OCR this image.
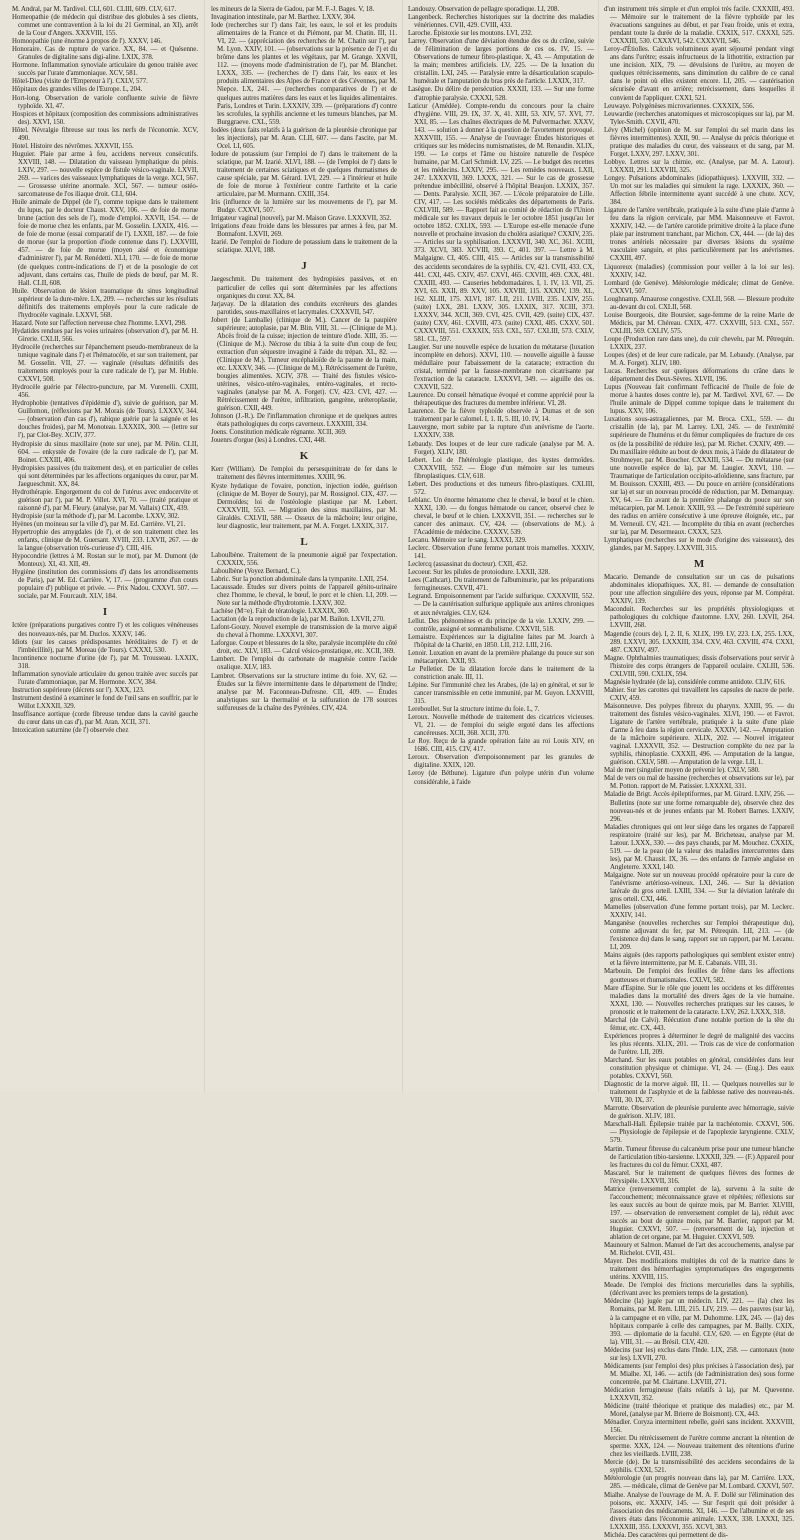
M. Andral, par M. Tardivel. CLI, 601. CLIII, 609. CLV, 617.

Homeopathie (de médecin qui distribue des globules à ses clients, commet une contravention à la loi du 21 Germinal, an XI), arrêt de la Cour d'Angers. XXXVIII, 155.

Homoopathie (une énorme à propos de l'). XXXV, 146.

Honoraire. Cas de rupture de varice. XX, 84. — et Quésenne. Granules de digitaline sans digi-aline. LXIX, 378.

Hormone. Inflammation synoviale articulaire du genou traitée avec succès par l'urate d'ammoniaque. XCV, 581.

Hôtel-Dieu (visite de l'Empereur à l'). CXLV, 577.

Hôpitaux des grandes villes de l'Europe. L, 204.

Hort-long. Observation de variole confluente suivie de fièvre typhoïde. XI, 47.

Hospices et hôpitaux (composition des commissions administratives des). XXVI, 150.

Hôtel. Névralgie fibreuse sur tous les nerfs de l'économie. XCV, 490.

Hotel. Histoire des névrômes. XXXVII, 155.

Huguier. Plaie par arme à feu, accidens nerveux consécutifs. XXVIII, 148. — Dilatation du vaisseau lymphatique du pénis. LXIV, 297. — nouvelle espèce de fistule vésico-vaginale. LXVII, 269. — varices des vaisseaux lymphatiques de la verge. XCI, 567. — Grossesse utérine anormale. XCI, 567. — tumeur ostéo-sarcomateuse de l'os iliaque droit. CLI, 604.

Huile animale de Dippel (de l'), comme topique dans le traitement du lupus, par le docteur Chaust. XXV, 106. — de foie de morue brune (action des sels de l'), mode d'emploi. XXVII, 154. — de foie de morue chez les enfants, par M. Gosselin. LXXIX, 416. — de foie de morue (essai comparatif de l'). LXXII, 187. — de foie de morue (sur la proportion d'iode contenue dans l'). LXXVIII, 457. — de foie de morue (moyen aisé et économique d'administrer l'), par M. Renédetti. XLI, 170. — de foie de morue (de quelques contre-indications de l') et de la posologie de cet adjuvant, dans certains cas, l'huile de pieds de bœuf, par M. R. Hall. CLII, 608.

Huile. Observation de lésion traumatique du sinus longitudinal supérieur de la dure-mère. LX, 209. — recherches sur les résultats définitifs des traitements employés pour la cure radicale de l'hydrocèle vaginale. LXXVI, 568.

Hazard. Note sur l'affection nerveuse chez l'homme. LXVI, 298.

Hydatides rendues par les voies urinaires (observation d'), par M. H. Girerie. CXLII, 566.

Hydrocèle (recherches sur l'épanchement pseudo-membraneux de la tunique vaginale dans l') et l'hématocèle, et sur son traitement, par M. Gosselin. VII, 27. — vaginale (résultats définitifs des traitements employés pour la cure radicale de l'), par M. Huble. CXXVI, 508.

Hydrocèle guérie par l'électro-puncture, par M. Vurenelli. CXIII, 456.

Hydrophobie (tentatives d'épidémie d'), suivie de guérison, par M. Guillomon, (réflexions par M. Morais (de Tours). LXXXV, 344. — (observation d'un cas d'), rabique guérie par la saignée et les douches froides), par M. Monoteau. LXXXIX, 300. — (lettre sur l'), par Clot-Bey. XCIV, 377.

Hydropisie du sinus maxillaire (note sur une), par M. Pélin. CLII, 604. — enkystée de l'ovaire (de la cure radicale de l'), par M. Boinet. CXXIII, 406.

Hydropisies passives (du traitement des), et en particulier de celles qui sont déterminées par les affections organiques du cœur, par M. Jaegueschmit. XX, 84.

Hydrothérapie. Engorgement du col de l'utérus avec endocervite et guérison par l'), par M. P. Villet. XVI, 70. — (traité pratique et raisonné d'), par M. Fleury. (analyse, par M. Vallaix) CIX, 439.

Hydropisie (sur la méthode d'), par M. Lacombe. LXXV, 302.

Hyènes (un moineau sur la ville d'), par M. Ed. Carrière. VI, 21.

Hypertrophie des amygdales (de l'), et de son traitement chez les enfants, clinique de M. Guersant. XVIII, 233. LXVII, 267. — de la langue (observation très-curieuse d'). CIII, 416.

Hypocondrie (lettres à M. Rostan sur le mot), par M. Dumont (de Monteux). XI, 43. XII, 49.

Hygiène (institution des commissions d') dans les arrondissements de Paris), par M. Ed. Carrière. V, 17. — (programme d'un cours populaire d') publique et privée. — Prix Nadou. CXXVI. 507. — sociale, par M. Fourcault. XLV, 184.

I

Ictère (préparations purgatives contre l') et les coliques vénéneuses des nouveaux-nés, par M. Duclos. XXXV, 146.

Idiots (sur les causes prédisposantes héréditaires de l') et de l'imbécillité), par M. Moreau (de Tours). CXXXI, 530.

Incontinence nocturne d'urine (de l'), par M. Trousseau. LXXIX, 318.

Inflammation synoviale articulaire du genou traitée avec succès par l'urate d'ammoniaque, par M. Hormone. XCV, 384.

Instruction supérieure (décrets sur l'). XXX, 123.

Instrument destiné à examiner le fond de l'œil sans en souffrir, par le Willot LXXXII, 329.

Insuffisance aortique (corde fibreuse tendue dans la cavité gauche du cœur dans un cas d'), par M. Aran. XCII, 371.

Intoxication saturnine (de l') observée chez

les mineurs de la Sierra de Gadou, par M. F.-J. Bages. V, 18.

Invagination intestinale, par M. Barthez. LXXV, 304.

Iode (recherches sur l') dans l'air, les eaux, le sol et les produits alimentaires de la France et du Piémont, par M. Chatin. III, 11. VI, 22. — (appréciation des recherches de M. Chatin sur l'), par M. Lyon. XXIV, 101. — (observations sur la présence de l') et du brôme dans les plantes et les végétaux, par M. Grange. XXVII, 112. — (moyens mode d'administration de l'), par M. Blanchet. LXXX, 335. — (recherches de l') dans l'air, les eaux et les produits alimentaires des Alpes de France et des Cévennes, par M. Niepce. LX, 241. — (recherches comparatives de l') et de quelques autres matières dans les eaux et les liquides alimentaires. Paris, Londres et Turin. LXXXIV, 339. — (préparations d') contre les scrofules, la syphilis ancienne et les tumeurs blanches, par M. Burggraeve. CXL, 559.

Iodées (deux faits relatifs à la guérison de la pleurésie chronique par les injections), par M. Aran. CLII, 607. — dans l'ascite, par M. Ocel. LI, 605.

Iodure de potassium (sur l'emploi de l') dans le traitement de la sciatique, par M. Izarié. XLVI, 188. — (de l'emploi de l') dans le traitement de certaines sciatiques et de quelques rhumatismes de cause spéciale, par M. Gérard. LVI, 229. — à l'intérieur et huile de foie de morue à l'extérieur contre l'arthrite et la carie articulaire, par M. Murmann. CXIII, 354.

Iris (influence de la lumière sur les mouvements de l'), par M. Budge. CXXVI, 507.

Irrigateur vaginal (nouvel), par M. Maison Grave. LXXXVII, 352.

Irrigations d'eau froide dans les blessures par armes à feu, par M. Bonnafont. LXVII, 269.

Izarié. De l'emploi de l'iodure de potassium dans le traitement de la sciatique. XLVI, 188.

J

Jaegeschmit. Du traitement des hydropisies passives, et en particulier de celles qui sont déterminées par les affections organiques du cœur. XX, 84.

Jarjavay. De la dilatation des conduits excréteurs des glandes parotides, sous-maxillaires et lacrymales. CXXXVII, 547.

Jobert (de Lamballe) (clinique de M.). Cancer de la paupière supérieure; autoplasie, par M. Blin. VIII, 31. — (Clinique de M.). Abcès froid de la cuisse; injection de teinture d'iode. XIII, 35. — (Clinique de M.). Nécrose du tibia à la suite d'un coup de feu; extraction d'un séquestre invaginé à l'aide du trépan. XL, 82. — (Clinique de M.). Tumeur encéphaloïde de la paume de la main, etc. LXXXV, 346. — (Clinique de M.). Rétrécissement de l'urètre, bougies alimentées. XCIV, 378. — Traité des fistules vésico-utérines, vésico-utéro-vaginales, entéro-vaginales, et recto-vaginales (analyse par M. A. Forget). CV, 423. CVI, 427. — Rétrécissement de l'urètre, infiltration, gangrène, uréteroplastie, guérison. CXII, 449.

Johnson (J.-R.). De l'inflammation chronique et de quelques autres états pathologiques du corps caverneux. LXXXIII, 334.

Joens. Constitution médicale régnante. XCII, 369.

Jouenrs d'orgue (les) à Londres. CXI, 448.

K

Kerr (William). De l'emploi du persesquinitrate de fer dans le traitement des fièvres intermittentes. XXIII, 96.

Kyste hydatique de l'ovaire, ponction, injection iodée, guérison (clinique de M. Boyer de Soury), par M. Rossignol. CIX, 437. — Dermoïdes; loi de l'ostéologie plastique par M. Lebert. CXXXVIII, 553. — Migration des sinus maxillaires, par M. Giraldès. CXLVII, 588. — Osseux de la mâchoire; leur origine, leur diagnostic, leur traitement, par M. A. Forget. LXXIX, 317.

L

Laboulbène. Traitement de la pneumonie aiguë par l'expectation. CXXXIX, 556.

Laboulbène (Voyez Bernard, C.).

Labric. Sur la ponction abdominale dans la tympanite. LXII, 254.

Lacaussade. Études sur divers points de l'appareil génito-urinaire chez l'homme, le cheval, le bœuf, le porc et le chien. LI, 209. — Note sur la méthode d'hydrotomie. LXXV, 302.

Lachèse (M=e). Fait de tératologie. LXXXIX, 360.

Lactation (de la reproduction de la), par M. Bailon. LXVII, 270.

Lafont-Gouzy. Nouvel exemple de transmission de la morve aiguë du cheval à l'homme. LXXXVI, 307.

Laforgue. Coupe et blessures de la tête, paralysie incomplète du côté droit, etc. XLV, 183. — Calcul vésico-prostatique, etc. XCII, 369.

Lambert. De l'emploi du carbonate de magnésie contre l'acide oxalique. XLV, 183.

Lambret. Observations sur la structure intime du foie. XV, 62. — Études sur la fièvre intermittente dans le département de l'Indre; analyse par M. Faconneau-Dufresne. CII, 409. — Études analytiques sur la thermalité et la sulfuration de 178 sources sulfureuses de la chaîne des Pyrénées. CIV, 424.

Landouzy. Observation de pellagre sporadique. LI, 208.

Langenbeck. Recherches historiques sur la doctrine des maladies vénériennes. CVII, 429. CVIII, 433.

Laroche. Épistoxie sur les moutons. LVI, 232.

Larrey. Observation d'une déviation étendue des os du crâne, suivie de l'élimination de larges portions de ces os. IV, 15. — Observations de tumeur fibro-plastique. X, 43. — Amputation de la main; membres artificiels. LV, 225. — De la luxation du cristallin. LXI, 245. — Paralysie entre la désarticulation scapulo-humérale et l'amputation du bras près de l'article. LXXIX, 317.

Lasègue. Du délire de persécution. XXXII, 133. — Sur une forme d'atrophie paralysie. CXXXI, 528.

Laticur (Amédée). Compte-rendu du concours pour la chaire d'hygiène. VIII, 29. IX, 37. X, 41. XIII, 53. XIV, 57. XVI, 77. XXI, 85. — Les chaînes électriques de M. Pulvermacher. XXXV, 143. — solution à donner à la question de l'avortement provoqué. XXXVIII, 155. — Analyse de l'ouvrage: Études historiques et critiques sur les médecins numismatistes, de M. Renaudin. XLIX, 199. — Le corps et l'âme ou histoire naturelle de l'espèce humaine, par M. Carl Schmidt. LV, 225. — Le budget des recettes et les médecins. LXXIV, 295. — Les remèdes nouveaux. LXII, 247. LXXXVII, 369. LXXX, 321. — Sur le cas de grossesse prétendue imbécillité, observé à l'hôpital Beaujon. LXXIX, 357. — Dents. Paralysie. XCII, 367. — L'école préparatoire de Lille. CIV, 417. — Les sociétés médicales des départements de Paris. CXLVIII, 589. — Rapport fait au comité de rédaction de l'Union médicale sur les travaux depuis le 1er octobre 1851 jusqu'au 1er octobre 1852. CXLIX, 593. — L'Europe est-elle menacée d'une nouvelle et prochaine invasion du choléra asiatique? CXXIV, 235. — Articles sur la syphilisation. LXXXVII, 340. XC, 361. XCIII, 373. XCVI, 383. XCVIII, 393. C, 401. 397. — Lettre à M. Malgaigne. CI, 405. CIII, 415. — Articles sur la transmissibilité des accidents secondaires de la syphilis. CV, 421. CVII, 433. CX, 441. CXI, 445. CXIV, 457. CXVI, 465. CXVIII, 469. CXX, 481. CXXIII, 493. — Causeries hebdomadaires. I, 1. IV, 13. VII, 25. XVI, 65. XXII, 89. XXV, 105. XXVIII, 115. XXXIV, 139. XL, 162. XLIII, 175. XLVI, 187. LII, 211. LVIII, 235. LXIV, 255. (suite) LXX, 281. LXXV, 305. LXXIX, 317. XCIII, 373. LXXXV, 344. XCII, 369. CVI, 425. CVII, 429. (suite) CIX, 437. (suite) CXV, 461. CXVIII, 473. (suite) CXXI, 485. CXXV, 501. CXXXVIII, 551. CXXXIX, 553. CXL, 557. CXLIII, 573. CXLV, 581. CL, 597.

Laugier. Sur une nouvelle espèce de luxation du métatarse (luxation incomplète en dehors). XXVI, 110. — nouvelle aiguille à fausse médullaire pour l'abaissement de la cataracte; extraction du cristal, terminé par la fausse-membrane non cicatrisante par l'extraction de la cataracte. LXXXVI, 349. — aiguille des os. CXXVII, 522.

Laurence. Du conseil hématique évoqué et comme apprécié pour la thérapeutique des fractures du membre inférieur. VI, 28.

Laurence. De la fièvre typhoïde observée à Dumas et de son traitement par le calomel. I, 1. II, 5. III, 10. IV, 14.

Lauvergne, mort subite par la rupture d'un anévrisme de l'aorte. LXXXIV, 338.

Lebaudy. Des loupes et de leur cure radicale (analyse par M. A. Forget). XLIV, 180.

Lebert. Loi de l'hétérologie plastique, des kystes dermoïdes. CXXXVIII, 552. — Éloge d'un mémoire sur les tumeurs fibroplastiques. CLV, 618.

Lebert. Des productions et des tumeurs fibro-plastiques. CXLIII, 572.

Leblanc. Un énorme hématome chez le cheval, le bœuf et le chien. XXXI, 130. — du fongus hématode ou cancer, observé chez le cheval, le bœuf et le chien. LXXXVII, 351. — recherches sur le cancer des animaux. CV, 424. — (observations de M.). à l'Académie de médecine. CXXXV, 539.

Lecanu. Mémoire sur le sang. LXXXI, 329.

Leclerc. Observation d'une femme portant trois mamelles. XXXIV, 141.

Leclercq (assassinat du docteur). CXII, 452.

Lecoeur. Sur les pilules de protoiodure. LXXII, 328.

Lees (Cathcart). Du traitement de l'albuminurie, par les préparations ferrugineuses. CXVII, 471.

Legrand. Empoisonnement par l'acide sulfurique. CXXXVIII, 552. — De la cautérisation sulfurique appliquée aux artères chroniques et aux névralgies. CLV, 624.

Lellut. Des phénomènes et du principe de la vie. LXXIV, 299. — contrôle, assigné et somnambulisme. CXXVII, 518.

Lemaistre. Expériences sur la digitaline faites par M. Joarch à l'hôpital de la Charité, en 1850. LII, 212. LIII, 216.

Lenoir. Luxation en avant de la première phalange du pouce sur son métacarpien. XXII, 93.

Le Pelletier. De la dilatation forcée dans le traitement de la constriction anale. III, 11.

Lépine. Sur l'immunité chez les Arabes, (de la) en général, et sur le cancer transmissible en cette immunité, par M. Guyon. LXXVIII, 315.

Lereboullet. Sur la structure intime du foie. L, 7.

Leroux. Nouvelle méthode de traitement des cicatrices vicieuses. VI, 21. — de l'emploi du seigle ergoté dans les affections cancéreuses. XCII, 368. XCII, 370.

Le Roy. Reçu de la grande opération faite au roi Louis XIV, en 1686. CIII, 415. CIV, 417.

Leroux. Observation d'empoisonnement par les granules de digitaline. XXIX, 120.

Leroy (de Béthune). Ligature d'un polype utérin d'un volume considérable, à l'aide

d'un instrument très simple et d'un emploi très facile. CXXXIII, 493. — Mémoire sur le traitement de la fièvre typhoïde par les évacuations sanguines au début, et par l'eau froide, unis et extra, pendant toute la durée de la maladie. CXXIX, 517. CXXXI, 525. CXXXIII, 530. CXXXVI, 542. CXXXVII, 546.

Leroy-d'Étiolles. Calculs volumineux ayant séjourné pendant vingt ans dans l'urètre; essais infructueux de la lithotritie, extraction par une incision. XIX, 79. — dévulsions de l'urètre, au moyen de quelques rétrécissements, sans diminution du calibre de ce canal dans le point où elles existent encore. LI, 205. — cautérisation sécurisée d'avant en arrière; retrécissement, dans lesquelles il convient de l'appliquer. CXXI, 521.

Leuwaye. Polygénèses microvariennes. CXXXIX, 556.

Leuwardie (recherches anatomiques et microscopiques sur la), par M. Tyler-Smith. CXVII, 470.

Lévy (Michel) (opinion de M. sur l'emploi du sel marin dans les fièvres intermittentes). XXII, 90. — Analyse du précis théorique et pratique des maladies du cœur, des vaisseaux et du sang, par M. Forget. LXXV, 297. LXXV, 301.

Lobbye. Lettres sur la chimie, etc. (Analyse, par M. A. Latour). LXXXII, 291. LXXVIII, 325.

Longey. Pulsations abdominales (idiopathiques). LXXVIII, 332. — Un mot sur les maladies qui simulent la rage. LXXXIX, 360. — Affection fébrile intermittente ayant succédé à une chute. XCV, 384.

Ligature de l'artère vertébrale, pratiquée à la suite d'une plaie d'arme à feu dans la région cervicale, par MM. Maisonneuve et Favrot. XXXIV, 142. — de l'artère carotide primitive droite à la place d'une plaie par instrument tranchant, par Michon. CX, 444. — (de la) des trones artériels nécessaire par diverses lésions du système vasculaire sanguin, et plus particulièrement par les anévrismes. CXXIII, 497.

Liquoreux (maladies) (commission pour veiller à la loi sur les). XXXIV, 142.

Lombard (de Genève). Météorologie médicale; climat de Genève. CXXVI, 507.

Loughnamp. Amaurose congestive. CXLII, 568. — Blessure produite au-devant du col. CXLII, 568.

Louise Bourgeois, dite Boursier, sage-femme de la reine Marie de Médicis, par M. Chéreau. CXIX, 477. CXXVIII, 513. CXL, 557. CXLIII, 569. CXLIV, 575.

Loupe (Production rare dans une), du cuir chevelu, par M. Pêtrequin. LXXIX, 237.

Loupes (des) et de leur cure radicale, par M. Lebaudy. (Analyse, par M. A. Forget). XLIV, 180.

Lucas. Recherches sur quelques déformations du crâne dans le département des Deux-Sèvres. XLVII, 196.

Lupus (Nouveau fait confirmant l'efficacité de l'huile de foie de morue à hautes doses contre le), par M. Tardivel. XVI, 67. — De l'huile animale de Dippel comme topique dans le traitement du lupus. XXV, 106.

Luxations sous-astragaliennes, par M. Broca. CXL, 559. — du cristallin (de la), par M. Larrey. LXI, 245. — de l'extrémité supérieure de l'humérus et du fémur compliquées de fracture de ces os (de la possibilité de réduire les), par M. Richet. CXXIV, 499. — Du maxillaire réduite au bout de deux mois, à l'aide du dilatateur de Strohmeyer, par M. Boucher. CXXXIII, 534. — Du métatarse (sur une nouvelle espèce de la), par M. Laugier. XXVI, 110. — Traumatique de l'articulation occipito-atloïdienne, sans fracture, par M. Bouisson. CXXIII, 493. — Du pouce en arrière (considérations sur la) et sur un nouveau procédé de réduction, par M. Demarquay. XV, 64. — En avant de la première phalange du pouce sur son métacarpien, par M. Lenoir. XXIII, 93. — De l'extrémité supérieure des radius en arrière consécutive à une épreuve éloignée, etc., par M. Verneuil. CV, 421. — Incomplète du tibia en avant (recherches sur la), par M. Desormeaux. CXXX, 523.

Lymphatiques (recherches sur le mode d'origine des vaisseaux), des glandes, par M. Sappey. LXXVIII, 315.

M

Macario. Demande de consultation sur un cas de pulsations abdominales idiopathiques. XX, 81. — demande de consultation pour une affection singulière des yeux, réponse par M. Compérat. XXXIV, 139.

Maconduit. Recherches sur les propriétés physiologiques et pathologiques du colchique d'automne. LXV, 260. LXVII, 264. LXVIII, 268.

Magendie (cours de). I, 2. II, 6. XLIX, 199. LV, 223. LX, 255. LXX, 289. LXXVI, 305. LXXXIII, 334. CXV, 463. CXVIII, 474. CXXI, 487. CXXIV, 497.

Magne. Ophthalmies traumatiques; dissis d'observations pour servir à l'histoire des corps étrangers de l'appareil oculaire. CXLIII, 536. CXLVIII, 590. CXLIX, 594.

Magnésie hydratée (de la), considérée comme antidote. CLIV, 616.

Mahier. Sur les carottes qui travaillent les capsules de nacre de perle. CXIV, 459.

Maisonneuve. Des polypes fibreux du pharynx. XXIII, 95. — du traitement des fistules vésico-vaginales. XLVI, 190. — et Favrot. Ligature de l'artère vertébrale, pratiquée à la suite d'une plaie d'arme à feu dans la région cervicale. XXXIV, 142. — Amputation de la mâchoire supérieure. XLIX, 202. — Nouvel irrigateur vaginal. LXXXVII, 352. — Destruction complète du nez par la syphilis, rhinoplastie. CXXXII, 496. — Amputation de la langue, guérison. CXLV, 580. — Amputation de la verge. LII, 1.

Mal de mer (singulier moyen de prévenir le). CXLV, 580.

Mal de vers ou mal de bassine (recherches et observations sur le), par M. Potton. rapport de M. Patissier. LXXXXI, 331.

Maladie de Brigt. Accès épileptiformes, par M. Girard. LXIV, 256. — Bulletins (note sur une forme remarquable de), observée chez des nouveau-nés et de jeunes enfants par M. Robert Barnes. LXXIV, 296.

Maladies chroniques qui ont leur siège dans les organes de l'appareil respiratoire (traité sur les), par M. Bricheteau, analyse par M. Latour. LXXX, 330. — des pays chauds, par M. Mouchez. CXXIX, 519. — de la peau (de la valeur des maladies intercurrentes dans les), par M. Chausit. IX, 36. — des enfants de l'armée anglaise en Angleterre. XXXI, 140.

Malgaigne. Note sur un nouveau procédé opératoire pour la cure de l'anévrisme artérioso-veineux. LXI, 246. — Sur la déviation latérale du gros orteil. LXIII, 334. — Sur la déviation latérale du gros orteil. CXI, 446.

Mamelles (observation d'une femme portant trois), par M. Leclerc. XXXIV, 141.

Manganèse (nouvelles recherches sur l'emploi thérapeutique du), comme adjuvant du fer, par M. Pétrequin. LII, 213. — (de l'existence du) dans le sang, rapport sur un rapport, par M. Lecanu. LI, 209.

Mains aiguës (des rapports pathologiques qui semblent exister entre) et la fièvre intermittente, par M. E. Cabanais. VIII, 31.

Marbouin. De l'emploi des feuilles de frêne dans les affections goutteuses et rhumatismales. CXLVI, 582.

Mare d'Espine. Sur le rôle que jouent les occidens et les différentes maladies dans la mortalité des divers âges de la vie humaine. XXXI, 130. — Nouvelles recherches pratiques sur les causes, le pronostic et le traitement de la cataracte. LXV, 262. LXXX, 318.

Marchal (de Calvi). Réécution d'une notable portion de la tête du fémur, etc. CX, 443.

Expériences propres à déterminer le degré de malignité des vaccins les plus récents. XLIX, 201. — Trois cas de vice de conformation de l'urètre. LII, 209.

Marchand. Sur les eaux potables en général, considérées dans leur constitution physique et chimique. VI, 24. — (Eug.). Des eaux potables. CXXVI, 560.

Diagnostic de la morve aiguë. III, 11. — Quelques nouvelles sur le traitement de l'asphyxie et de la faiblesse native des nouveau-nés. VIII, 30. IX, 37.

Marrotte. Observation de pleurésie purulente avec hémorragie, suivie de guérison. XLIV, 181.

Marschall-Hall. Épilepsie traitée par la trachéotomie. CXXVI, 506. — Physiologie de l'épilepsie et de l'apoplexie laryngienne. CXLV, 579.

Martin. Tumeur fibreuse du calcanéum prise pour une tumeur blanche de l'articulation tibio-tarsienne. LXXXII, 329. — (F.) Appareil pour les fractures du col du fémur. CXXI, 487.

Mascarel. Sur le traitement de quelques fièvres des formes de l'érysipèle. LXXVII, 316.

Matrice (renversement complet de la), survenu à la suite de l'accouchement; méconnaissance grave et répétées; réflexions sur les eaux succès au bout de quinze mois, par M. Barrier. XLVIII, 197. — observation de renversement complet de la), réduit avec succès au bout de quinze mois, par M. Barrier, rapport par M. Huguier. CXXVI, 507. — (renversement de la), injection et ablation de cet organe, par M. Huguier. CXXVI, 509.

Maunoury et Salmon. Manuel de l'art des accouchements, analyse par M. Richelot. CVII, 431.

Mayer. Des modifications multiples du col de la matrice dans le traitement des hémorrhagies symptomatiques des engorgements utérins. XXVIII, 115.

Meade. De l'emploi des frictions mercurielles dans la syphilis, (décrivant avec les premiers temps de la gestation).

Médecine (la) jugée par un médecin. LIV, 221. — (la) chez les Romains, par M. Rem. LIII, 215. LIV, 219. — des pauvres (sur la), à la campagne et en ville, par M. Duhomme. LIX, 245. — (la) des hôpitaux comparée à celle des campagnes, par M. Bailly. CXIX, 393. — diplomatie de la faculté. CLV, 620. — en Égypte (état de la). VIII, 31. — au Brésil. CLV, 420.

Médecins (sur les) exclus dans l'Inde. LIX, 258. — cantonaux (note sur les). LXVII, 270.

Médicaments (sur l'emploi des) plus précises à l'association des), par M. Mialhe. XI, 146. — actifs (de l'administration des) sous forme concentrée, par M. Clairtane. LXVIII, 271.

Médication ferrugineuse (faits relatifs à la), par M. Quevenne. LXXXVII, 352.

Médicine (traité théorique et pratique des maladies) etc., par M. Morel, (analyse par M. Brierre de Boismont). CX, 443.

Ménadier. Coryza intermittent rebelle, guéri sans incident. XXXVIII, 156.

Mercier. Du rétrécissement de l'urètre comme ancrant la rétention de sperme. XXX, 124. — Nouveau traitement des rétentions d'urine chez les vieillards. LVIII, 238.

Mercie (de). De la transmissibilité des accidens secondaires de la syphilis. CXXI, 521.

Météorologie (un progrès nouveau dans la), par M. Carrière. LXX, 285. — médicale, climat de Genève par M. Lombard. CXXVI, 507.

Mialhe. Analyse de l'ouvrage de M. A. F. Dollé sur l'élimination des poisons, etc. XXXIV, 145. — Sur l'esprit qui doit présider à l'association des médicaments. XI, 146. — De l'albumine et de ses divers états dans l'économie animale. LXXX, 338. LXXXI, 325. LXXXIII, 355. LXXXVI, 355. XCVI, 383.

Michéa. Des caractères qui permettent de dis-
